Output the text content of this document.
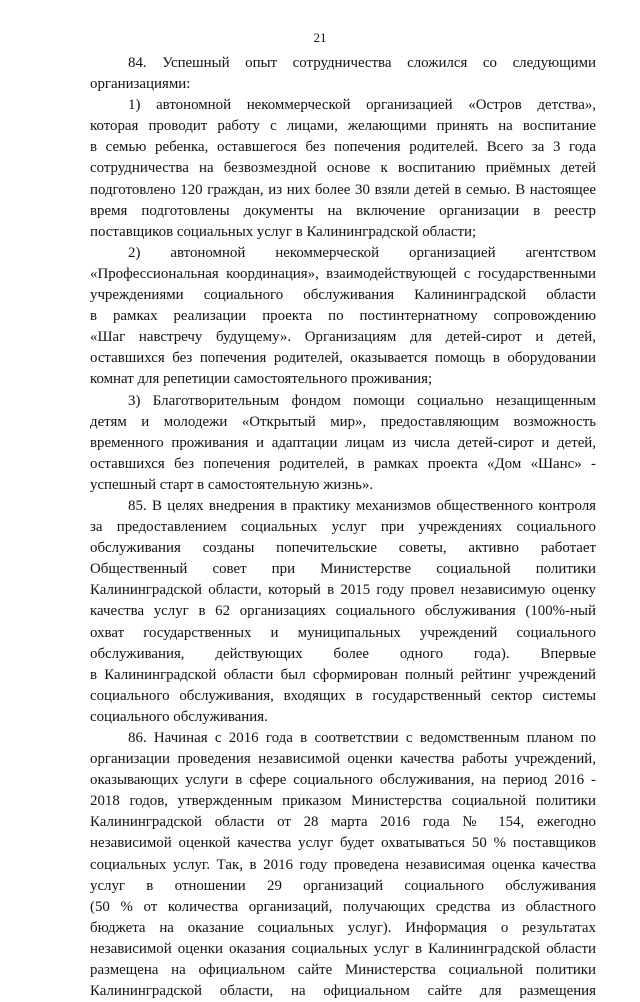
21
84. Успешный опыт сотрудничества сложился со следующими
организациями:
1) автономной некоммерческой организацией «Остров детства»,
которая проводит работу с лицами, желающими принять на воспитание
в семью ребенка, оставшегося без попечения родителей. Всего за 3 года
сотрудничества на безвозмездной основе к воспитанию приёмных детей
подготовлено 120 граждан, из них более 30 взяли детей в семью. В настоящее
время подготовлены документы на включение организации в реестр
поставщиков социальных услуг в Калининградской области;
2) автономной некоммерческой организацией агентством
«Профессиональная координация», взаимодействующей с государственными
учреждениями социального обслуживания Калининградской области
в рамках реализации проекта по постинтернатному сопровождению
«Шаг навстречу будущему». Организациям для детей-сирот и детей,
оставшихся без попечения родителей, оказывается помощь в оборудовании
комнат для репетиции самостоятельного проживания;
3) Благотворительным фондом помощи социально незащищенным
детям и молодежи «Открытый мир», предоставляющим возможность
временного проживания и адаптации лицам из числа детей-сирот и детей,
оставшихся без попечения родителей, в рамках проекта «Дом «Шанс» -
успешный старт в самостоятельную жизнь».
85. В целях внедрения в практику механизмов общественного контроля
за предоставлением социальных услуг при учреждениях социального
обслуживания созданы попечительские советы, активно работает
Общественный совет при Министерстве социальной политики
Калининградской области, который в 2015 году провел независимую оценку
качества услуг в 62 организациях социального обслуживания (100%-ный
охват государственных и муниципальных учреждений социального
обслуживания, действующих более одного года). Впервые
в Калининградской области был сформирован полный рейтинг учреждений
социального обслуживания, входящих в государственный сектор системы
социального обслуживания.
86. Начиная с 2016 года в соответствии с ведомственным планом по
организации проведения независимой оценки качества работы учреждений,
оказывающих услуги в сфере социального обслуживания, на период 2016 -
2018 годов, утвержденным приказом Министерства социальной политики
Калининградской области от 28 марта 2016 года № 154, ежегодно
независимой оценкой качества услуг будет охватываться 50 % поставщиков
социальных услуг. Так, в 2016 году проведена независимая оценка качества
услуг в отношении 29 организаций социального обслуживания
(50 % от количества организаций, получающих средства из областного
бюджета на оказание социальных услуг). Информация о результатах
независимой оценки оказания социальных услуг в Калининградской области
размещена на официальном сайте Министерства социальной политики
Калининградской области, на официальном сайте для размещения
